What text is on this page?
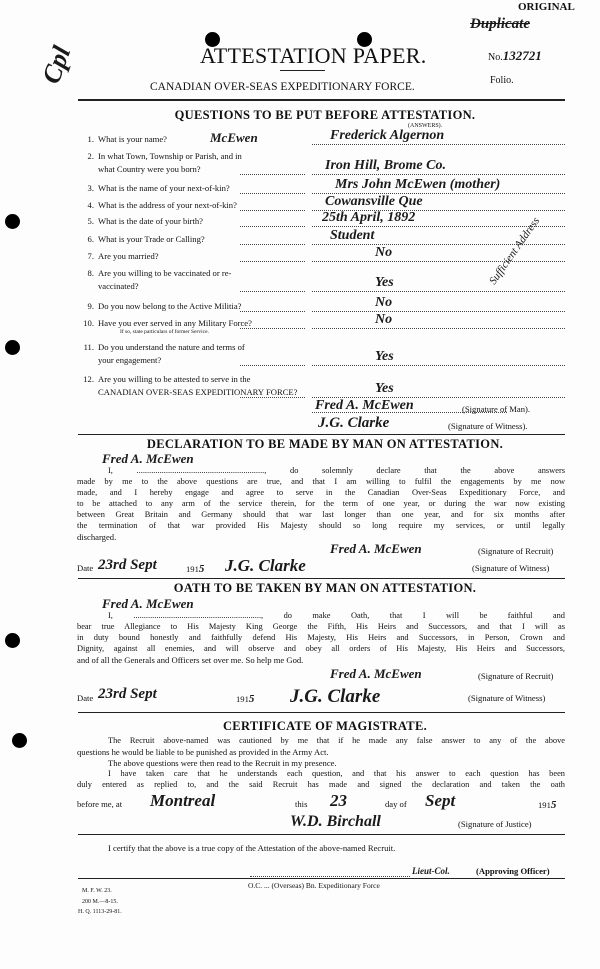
ORIGINAL
Duplicate
Cpl	ATTESTATION PAPER.	No.132721
Folio.
CANADIAN OVER-SEAS EXPEDITIONARY FORCE.
QUESTIONS TO BE PUT BEFORE ATTESTATION.
(ANSWERS).
McEwen
1. What is your name?	Frederick Algernon
2. In what Town, Township or Parish, and in
what Country were you born?	Iron Hill, Brome Co.
3. What is the name of your next-of-kin?	Mrs John McEwen (mother)
4. What is the address of your next-of-kin?	Cowansville Que
5. What is the date of your birth?	25th April, 1892
6. What is your Trade or Calling?	Student
7. Are you married?	No
8. Are you willing to be vaccinated or re-
vaccinated?	Yes
9. Do you now belong to the Active Militia?	No
10. Have you ever served in any Military Force?
If so, state particulars of former Service.
No
11. Do you understand the nature and terms of
your engagement?	Yes
12. Are you willing to be attested to serve in the
CANADIAN OVER-SEAS EXPEDITIONARY FORCE?	Yes
Sufficient Address
Fred A. McEwen	(Signature of Man).
J.G. Clarke	(Signature of Witness).
DECLARATION TO BE MADE BY MAN ON ATTESTATION.
Fred A. McEwen
I, ............................................................., do solemnly declare that the above answers
made by me to the above questions are true, and that I am willing to fulfil the engagements by me now
made, and I hereby engage and agree to serve in the Canadian Over-Seas Expeditionary Force, and
to be attached to any arm of the service therein, for the term of one year, or during the war now existing
between Great Britain and Germany should that war last longer than one year, and for six months after
the termination of that war provided His Majesty should so long require my services, or until legally
discharged.
Fred A. McEwen	(Signature of Recruit)
Date 23rd Sept	1915 J.G. Clarke	(Signature of Witness)
OATH TO BE TAKEN BY MAN ON ATTESTATION.
Fred A. McEwen
I, ............................................................., do make Oath, that I will be faithful and
bear true Allegiance to His Majesty King George the Fifth, His Heirs and Successors, and that I will as
in duty bound honestly and faithfully defend His Majesty, His Heirs and Successors, in Person, Crown and
Dignity, against all enemies, and will observe and obey all orders of His Majesty, His Heirs and Successors,
and of all the Generals and Officers set over me. So help me God.
Fred A. McEwen	(Signature of Recruit)
Date 23rd Sept	1915 J.G. Clarke	(Signature of Witness)
CERTIFICATE OF MAGISTRATE.
The Recruit above-named was cautioned by me that if he made any false answer to any of the above
questions he would be liable to be punished as provided in the Army Act.
The above questions were then read to the Recruit in my presence.
I have taken care that he understands each question, and that his answer to each question has been
duly entered as replied to, and the said Recruit has made and signed the declaration and taken the oath
before me, at Montreal	this 23	day of Sept	1915
W.D. Birchall	(Signature of Justice)
I certify that the above is a true copy of the Attestation of the above-named Recruit.
Lieut-Col.	(Approving Officer)
O.C. ... (Overseas) Bn. Expeditionary Force
M. F. W. 23.
200 M.—8-15.
H. Q. 1113-29-81.
